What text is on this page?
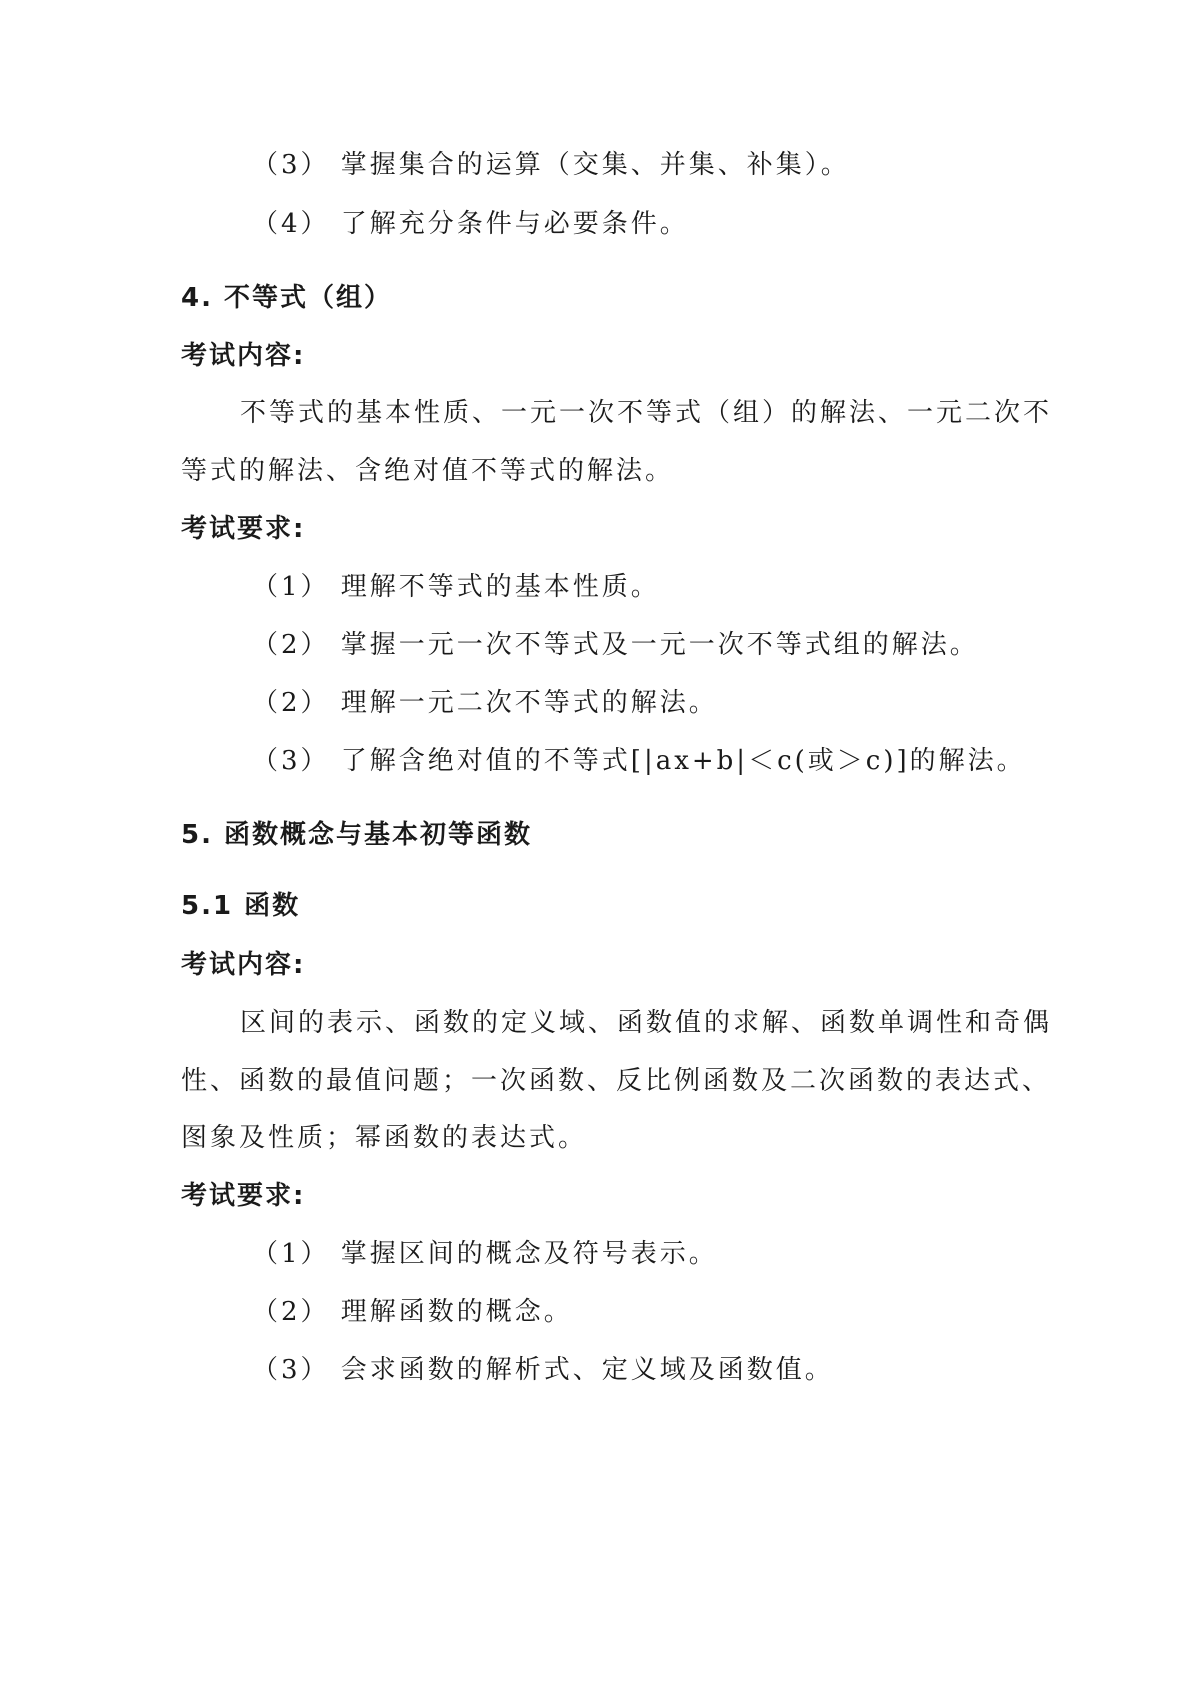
（3） 掌握集合的运算（交集、并集、补集）。
（4） 了解充分条件与必要条件。
4. 不等式（组）
考试内容:
不等式的基本性质、一元一次不等式（组）的解法、一元二次不
等式的解法、含绝对值不等式的解法。
考试要求:
（1） 理解不等式的基本性质。
（2） 掌握一元一次不等式及一元一次不等式组的解法。
（2） 理解一元二次不等式的解法。
（3） 了解含绝对值的不等式[|ax+b|＜c(或＞c)]的解法。
5. 函数概念与基本初等函数
5.1 函数
考试内容:
区间的表示、函数的定义域、函数值的求解、函数单调性和奇偶
性、函数的最值问题；一次函数、反比例函数及二次函数的表达式、
图象及性质；幂函数的表达式。
考试要求:
（1） 掌握区间的概念及符号表示。
（2） 理解函数的概念。
（3） 会求函数的解析式、定义域及函数值。
